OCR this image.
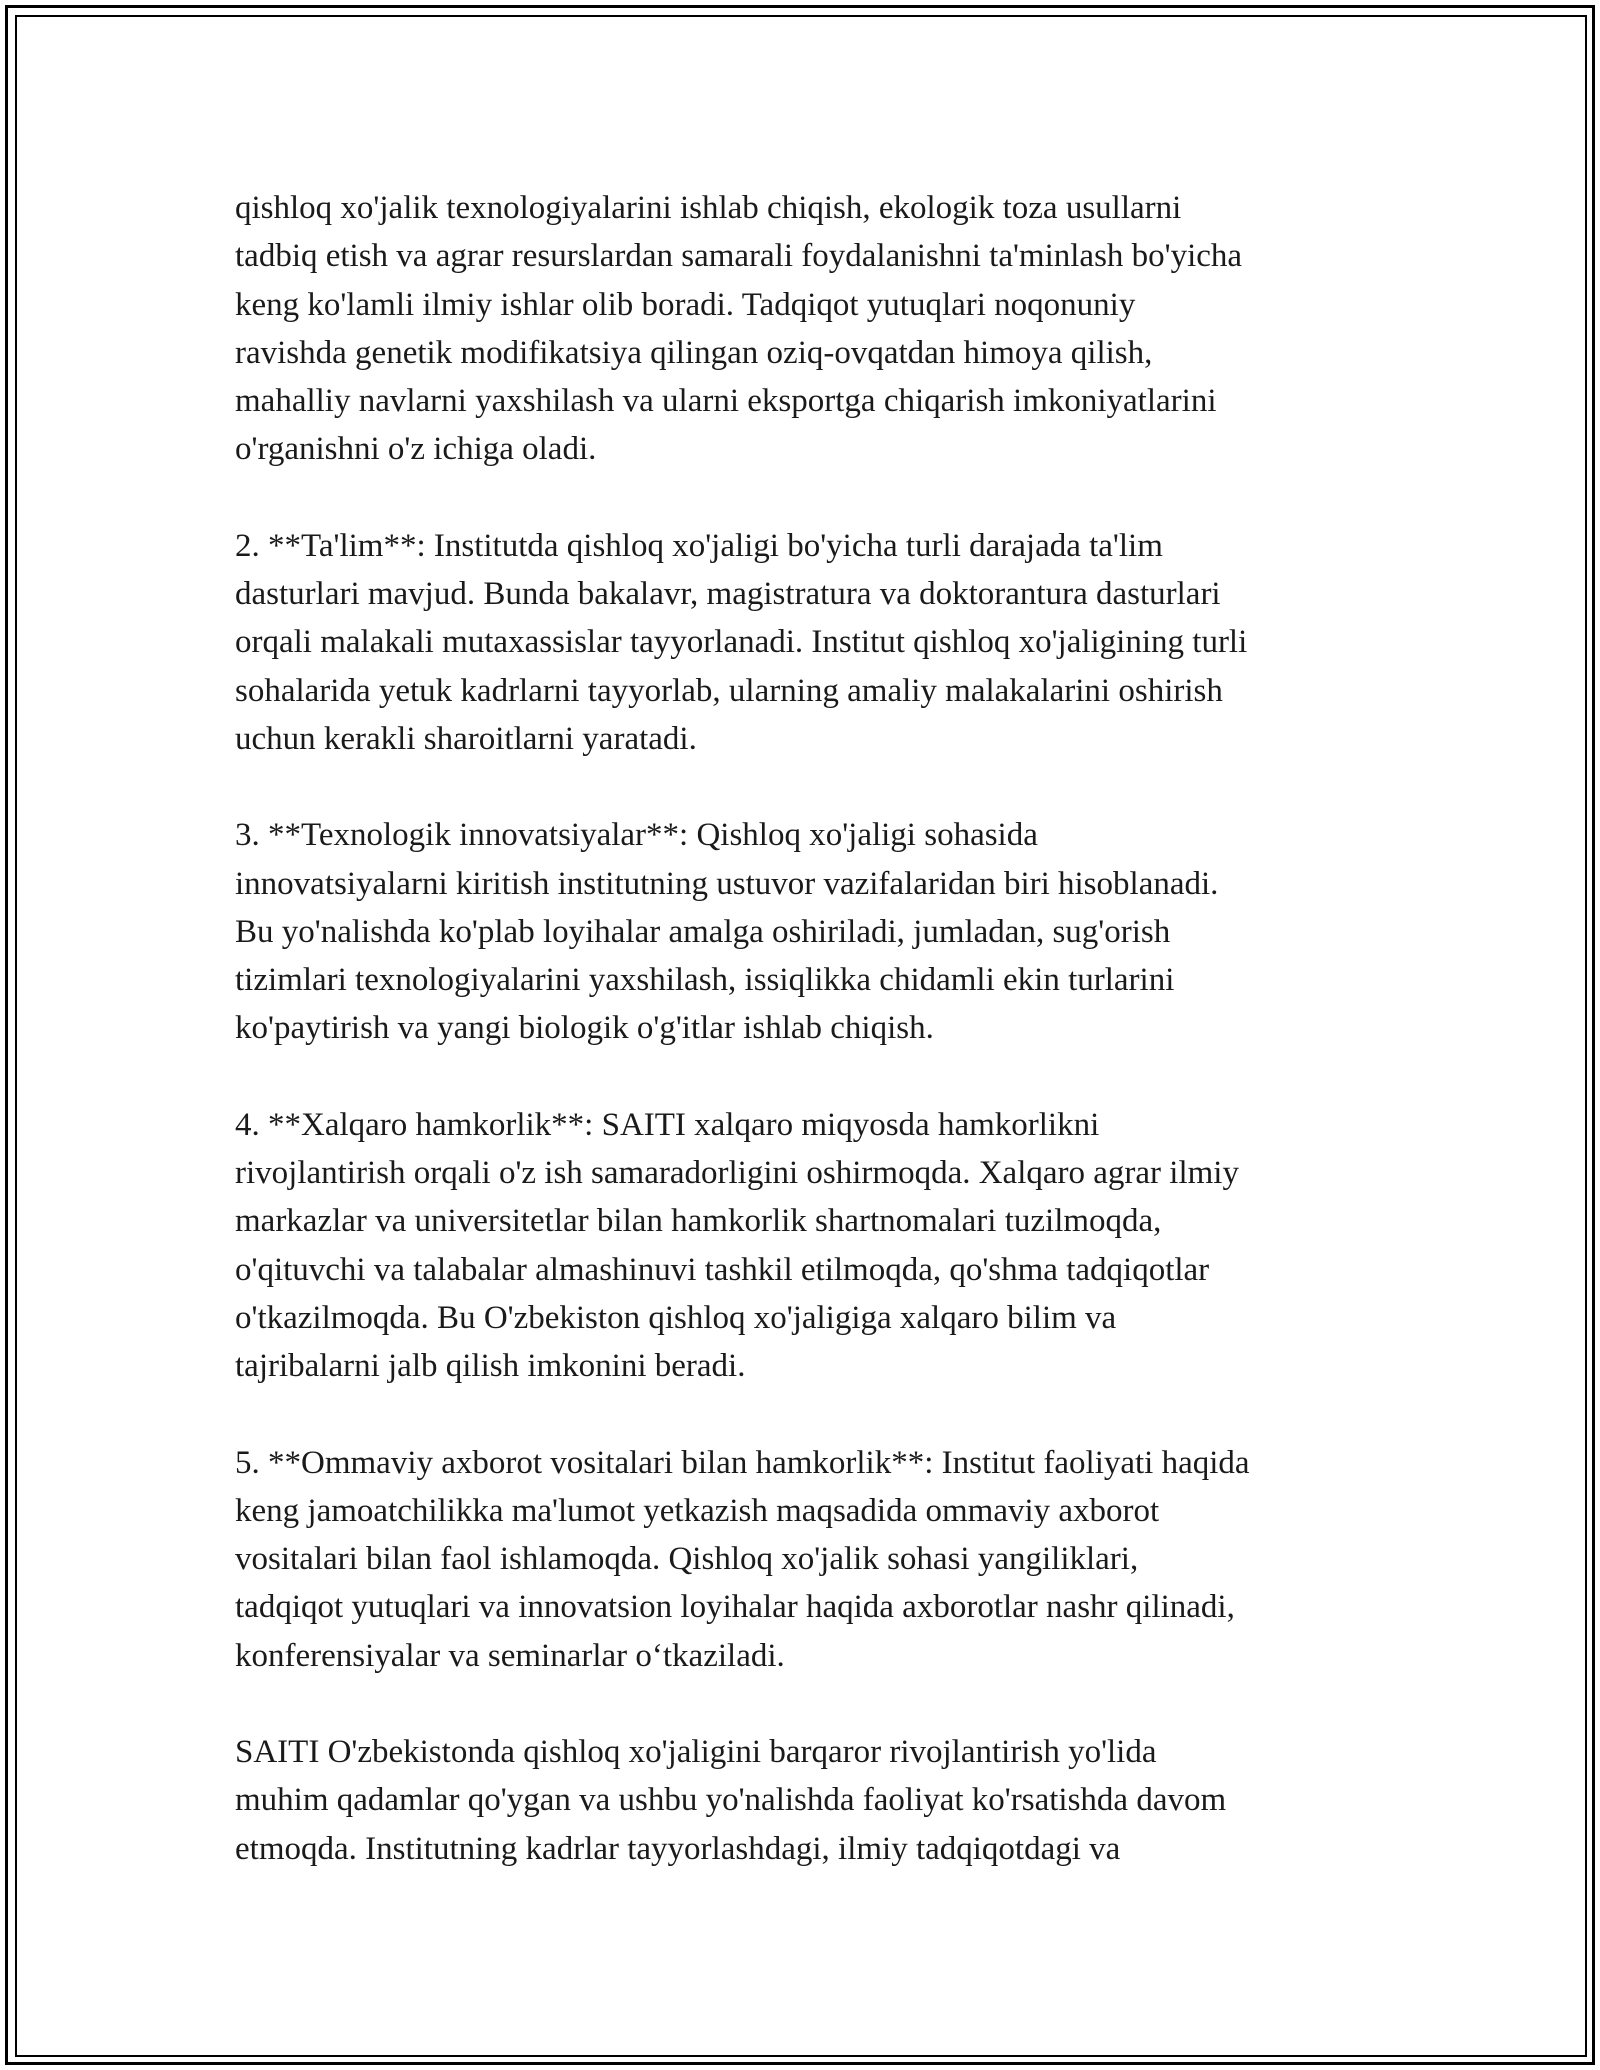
qishloq xo'jalik texnologiyalarini ishlab chiqish, ekologik toza usullarni
tadbiq etish va agrar resurslardan samarali foydalanishni ta'minlash bo'yicha
keng ko'lamli ilmiy ishlar olib boradi. Tadqiqot yutuqlari noqonuniy
ravishda genetik modifikatsiya qilingan oziq-ovqatdan himoya qilish,
mahalliy navlarni yaxshilash va ularni eksportga chiqarish imkoniyatlarini
o'rganishni o'z ichiga oladi.
2. **Ta'lim**: Institutda qishloq xo'jaligi bo'yicha turli darajada ta'lim
dasturlari mavjud. Bunda bakalavr, magistratura va doktorantura dasturlari
orqali malakali mutaxassislar tayyorlanadi. Institut qishloq xo'jaligining turli
sohalarida yetuk kadrlarni tayyorlab, ularning amaliy malakalarini oshirish
uchun kerakli sharoitlarni yaratadi.
3. **Texnologik innovatsiyalar**: Qishloq xo'jaligi sohasida
innovatsiyalarni kiritish institutning ustuvor vazifalaridan biri hisoblanadi.
Bu yo'nalishda ko'plab loyihalar amalga oshiriladi, jumladan, sug'orish
tizimlari texnologiyalarini yaxshilash, issiqlikka chidamli ekin turlarini
ko'paytirish va yangi biologik o'g'itlar ishlab chiqish.
4. **Xalqaro hamkorlik**: SAITI xalqaro miqyosda hamkorlikni
rivojlantirish orqali o'z ish samaradorligini oshirmoqda. Xalqaro agrar ilmiy
markazlar va universitetlar bilan hamkorlik shartnomalari tuzilmoqda,
o'qituvchi va talabalar almashinuvi tashkil etilmoqda, qo'shma tadqiqotlar
o'tkazilmoqda. Bu O'zbekiston qishloq xo'jaligiga xalqaro bilim va
tajribalarni jalb qilish imkonini beradi.
5. **Ommaviy axborot vositalari bilan hamkorlik**: Institut faoliyati haqida
keng jamoatchilikka ma'lumot yetkazish maqsadida ommaviy axborot
vositalari bilan faol ishlamoqda. Qishloq xo'jalik sohasi yangiliklari,
tadqiqot yutuqlari va innovatsion loyihalar haqida axborotlar nashr qilinadi,
konferensiyalar va seminarlar o‘tkaziladi.
SAITI O'zbekistonda qishloq xo'jaligini barqaror rivojlantirish yo'lida
muhim qadamlar qo'ygan va ushbu yo'nalishda faoliyat ko'rsatishda davom
etmoqda. Institutning kadrlar tayyorlashdagi, ilmiy tadqiqotdagi va
